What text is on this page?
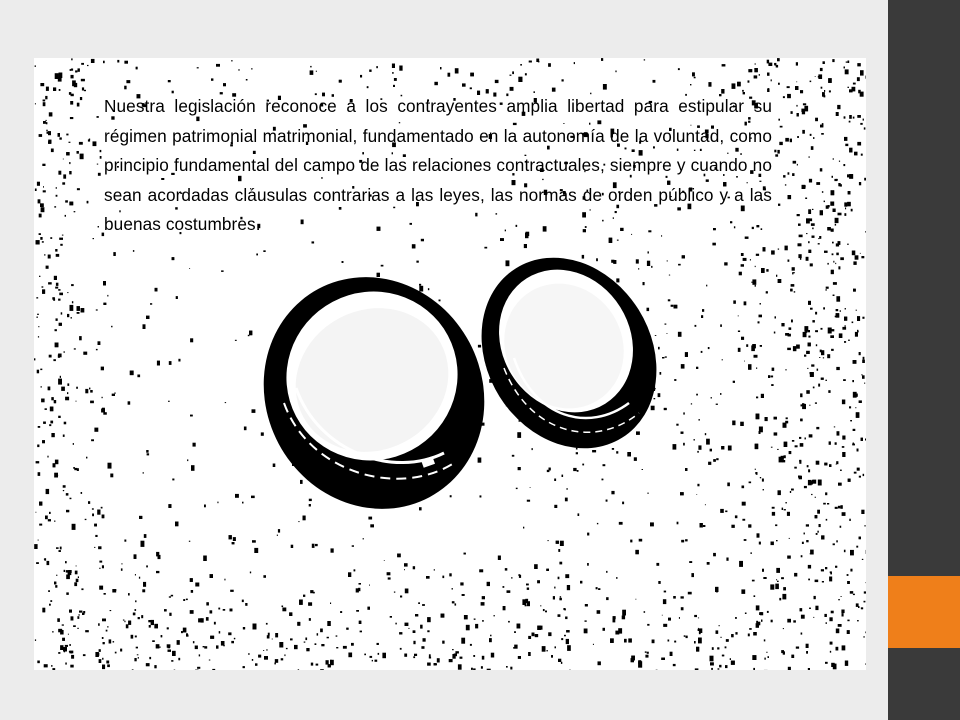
Nuestra legislación reconoce a los contrayentes amplia libertad para estipular su régimen patrimonial matrimonial, fundamentado en la autonomía de la voluntad, como principio fundamental del campo de las relaciones contractuales, siempre y cuando no sean acordadas cláusulas contrarias a las leyes, las normas de orden público y a las buenas costumbres.
